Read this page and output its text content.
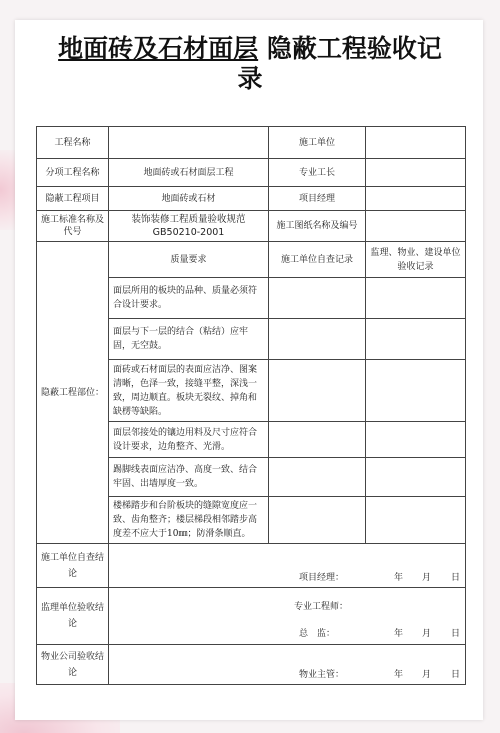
地面砖及石材面层 隐蔽工程验收记
录
工程名称		施工单位	
分项工程名称	地面砖或石材面层工程	专业工长	
隐蔽工程项目	地面砖或石材	项目经理	
施工标准名称及代号	装饰装修工程质量验收规范
GB50210-2001	施工图纸名称及编号	
隐蔽工程部位：	质量要求	施工单位自查记录	监理、物业、建设单位验收记录
	面层所用的板块的品种、质量必须符合设计要求。		
	面层与下一层的结合（粘结）应牢固，无空鼓。		
	面砖或石材面层的表面应洁净、图案清晰，色泽一致，接缝平整，深浅一致，周边顺直。板块无裂纹、掉角和缺楞等缺陷。		
	面层邻接处的镶边用料及尺寸应符合设计要求，边角整齐、光滑。		
	踢脚线表面应洁净、高度一致、结合牢固、出墙厚度一致。		
	楼梯踏步和台阶板块的缝隙宽度应一致、齿角整齐；楼层梯段相邻踏步高度差不应大于10㎜；防滑条顺直。		
施工单位自查结论	项目经理： 年 月 日		

监理单位验收结论	专业工程师：
总　监： 年 月 日		

物业公司验收结论	物业主管： 年 月 日		
